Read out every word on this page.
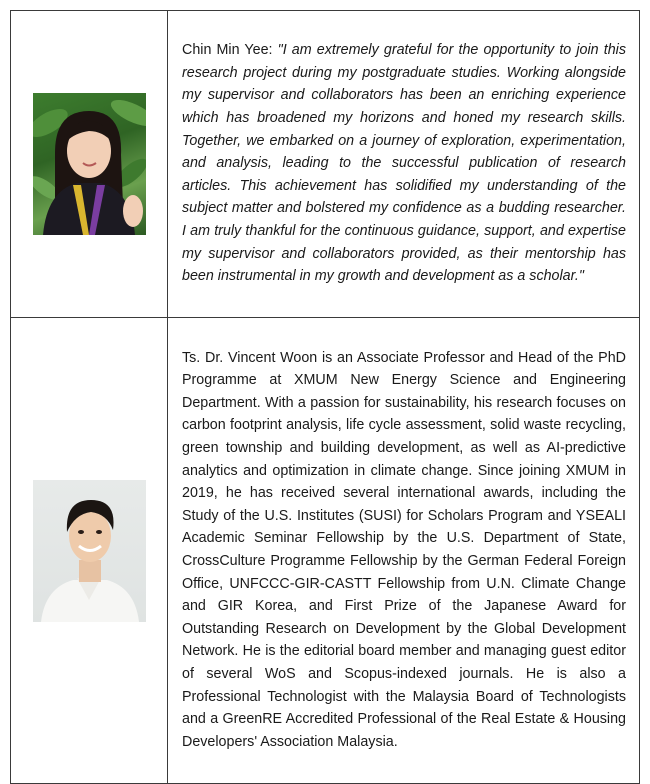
	Chin Min Yee: "I am extremely grateful for the opportunity to join this research project during my postgraduate studies. Working alongside my supervisor and collaborators has been an enriching experience which has broadened my horizons and honed my research skills. Together, we embarked on a journey of exploration, experimentation, and analysis, leading to the successful publication of research articles. This achievement has solidified my understanding of the subject matter and bolstered my confidence as a budding researcher. I am truly thankful for the continuous guidance, support, and expertise my supervisor and collaborators provided, as their mentorship has been instrumental in my growth and development as a scholar."

	Ts. Dr. Vincent Woon is an Associate Professor and Head of the PhD Programme at XMUM New Energy Science and Engineering Department. With a passion for sustainability, his research focuses on carbon footprint analysis, life cycle assessment, solid waste recycling, green township and building development, as well as AI-predictive analytics and optimization in climate change. Since joining XMUM in 2019, he has received several international awards, including the Study of the U.S. Institutes (SUSI) for Scholars Program and YSEALI Academic Seminar Fellowship by the U.S. Department of State, CrossCulture Programme Fellowship by the German Federal Foreign Office, UNFCCC-GIR-CASTT Fellowship from U.N. Climate Change and GIR Korea, and First Prize of the Japanese Award for Outstanding Research on Development by the Global Development Network. He is the editorial board member and managing guest editor of several WoS and Scopus-indexed journals. He is also a Professional Technologist with the Malaysia Board of Technologists and a GreenRE Accredited Professional of the Real Estate & Housing Developers' Association Malaysia.
